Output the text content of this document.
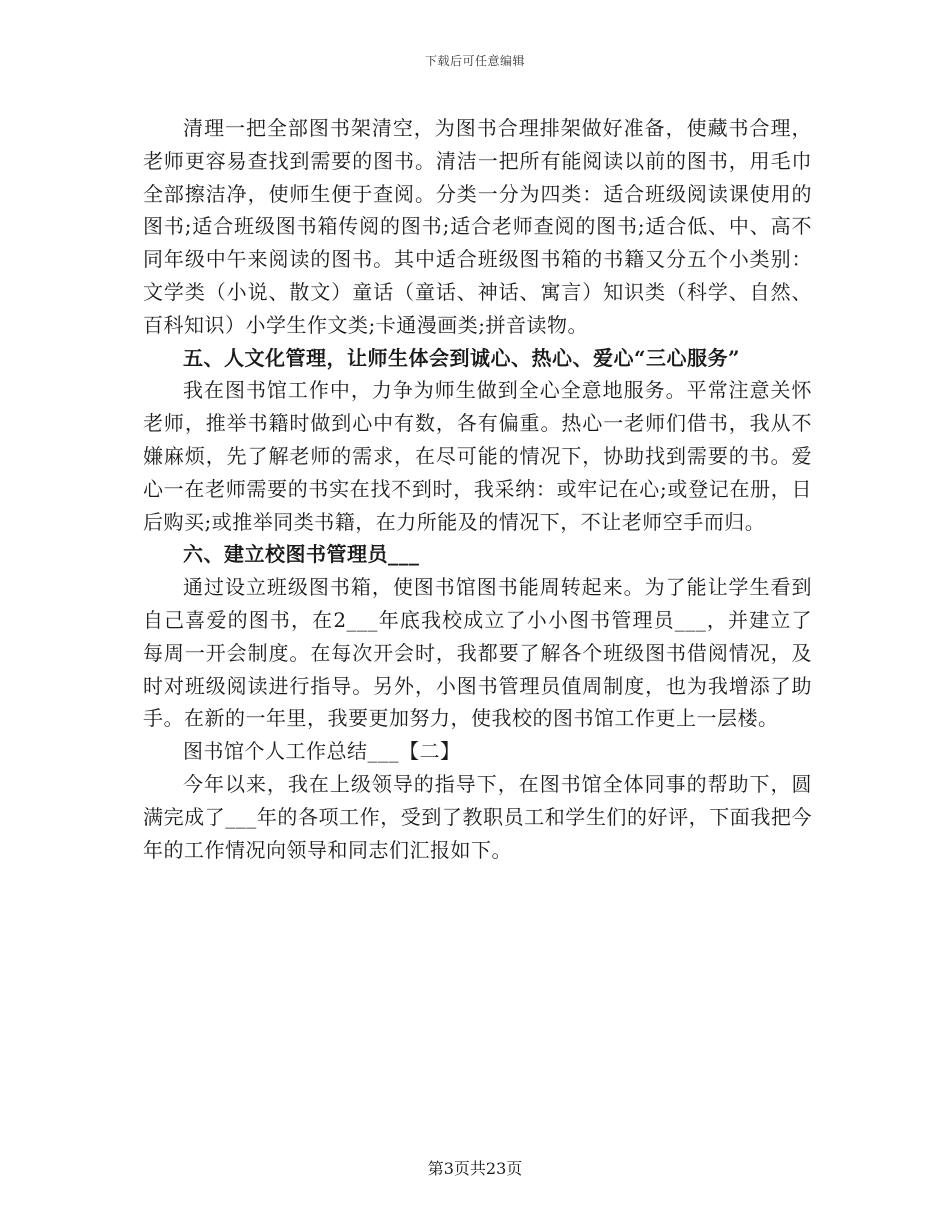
下载后可任意编辑

清理一把全部图书架清空，为图书合理排架做好准备，使藏书合理，老师更容易查找到需要的图书。清洁一把所有能阅读以前的图书，用毛巾全部擦洁净，使师生便于查阅。分类一分为四类：适合班级阅读课使用的图书;适合班级图书箱传阅的图书;适合老师查阅的图书;适合低、中、高不同年级中午来阅读的图书。其中适合班级图书箱的书籍又分五个小类别：文学类（小说、散文）童话（童话、神话、寓言）知识类（科学、自然、百科知识）小学生作文类;卡通漫画类;拼音读物。

五、人文化管理，让师生体会到诚心、热心、爱心“三心服务”

我在图书馆工作中，力争为师生做到全心全意地服务。平常注意关怀老师，推举书籍时做到心中有数，各有偏重。热心一老师们借书，我从不嫌麻烦，先了解老师的需求，在尽可能的情况下，协助找到需要的书。爱心一在老师需要的书实在找不到时，我采纳：或牢记在心;或登记在册，日后购买;或推举同类书籍，在力所能及的情况下，不让老师空手而归。

六、建立校图书管理员___

通过设立班级图书箱，使图书馆图书能周转起来。为了能让学生看到自己喜爱的图书，在2___年底我校成立了小小图书管理员___，并建立了每周一开会制度。在每次开会时，我都要了解各个班级图书借阅情况，及时对班级阅读进行指导。另外，小图书管理员值周制度，也为我增添了助手。在新的一年里，我要更加努力，使我校的图书馆工作更上一层楼。

图书馆个人工作总结___【二】

今年以来，我在上级领导的指导下，在图书馆全体同事的帮助下，圆满完成了___年的各项工作，受到了教职员工和学生们的好评，下面我把今年的工作情况向领导和同志们汇报如下。

第3页共23页
